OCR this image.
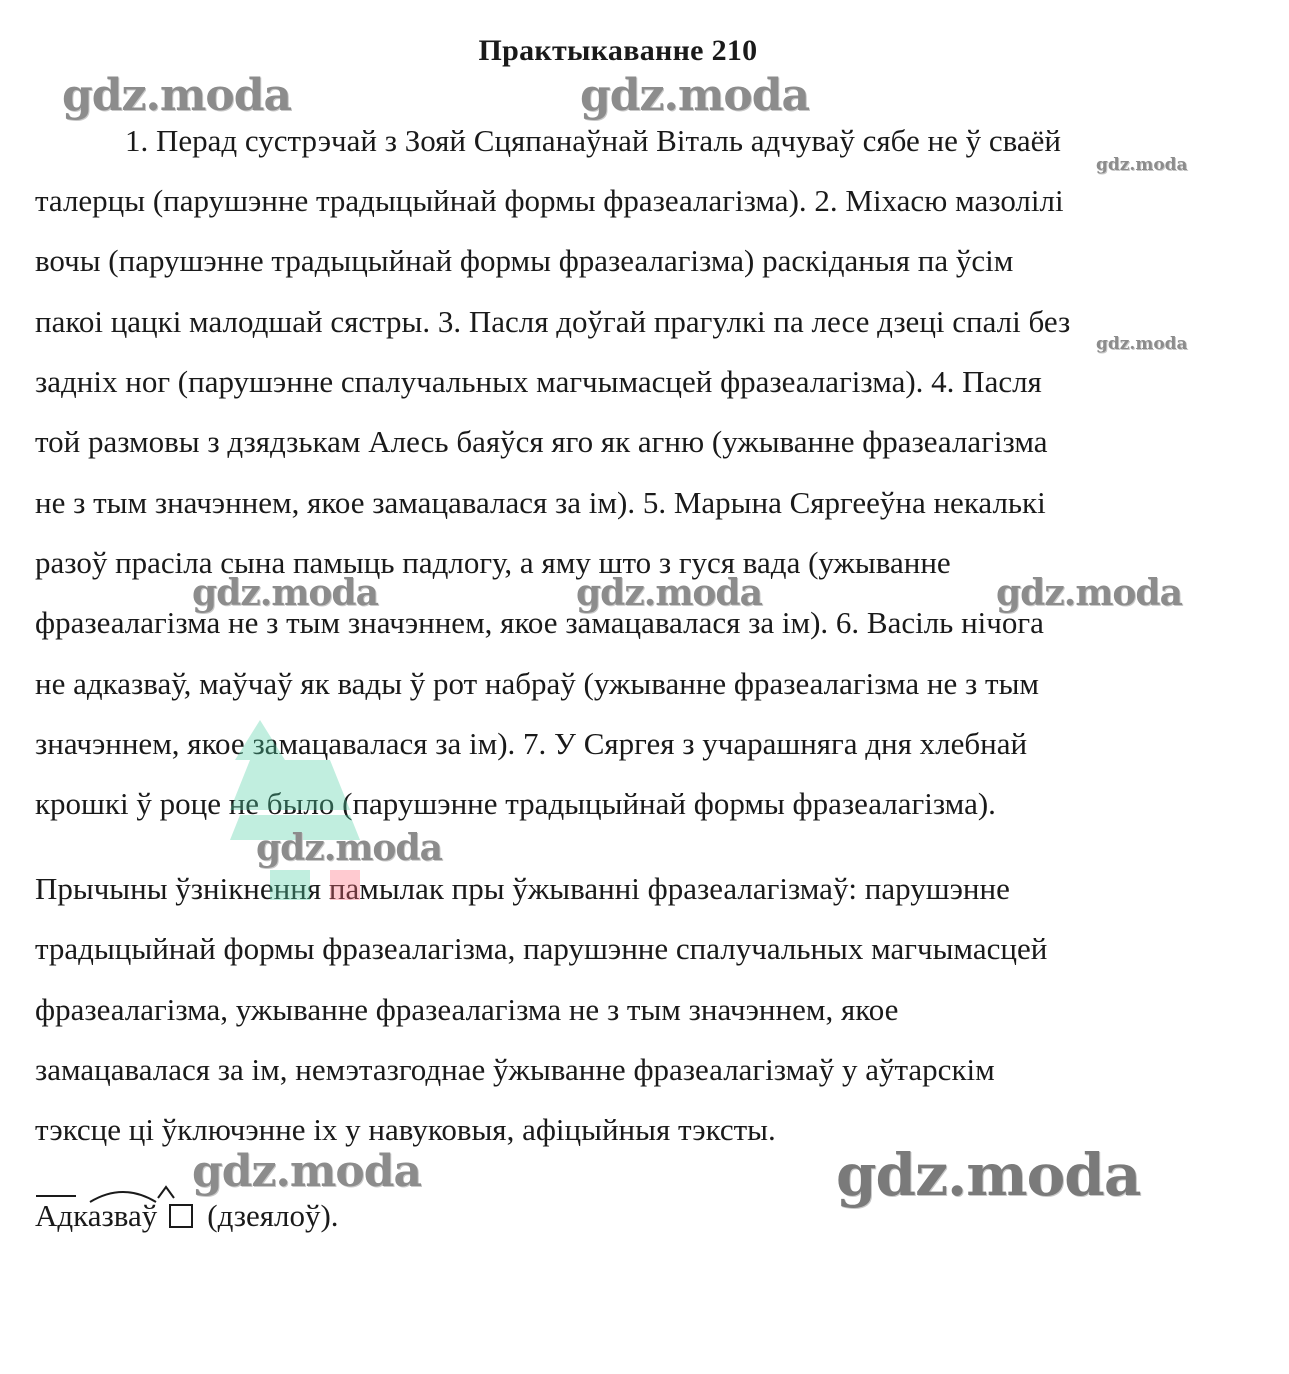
Практыкаванне 210
1. Перад сустрэчай з Зояй Сцяпанаўнай Віталь адчуваў сябе не ў сваёй
талерцы (парушэнне традыцыйнай формы фразеалагізма). 2. Міхасю мазолілі
вочы (парушэнне традыцыйнай формы фразеалагізма) раскіданыя па ўсім
пакоі цацкі малодшай сястры. 3. Пасля доўгай прагулкі па лесе дзеці спалі без
задніх ног (парушэнне спалучальных магчымасцей фразеалагізма). 4. Пасля
той размовы з дзядзькам Алесь баяўся яго як агню (ужыванне фразеалагізма
не з тым значэннем, якое замацавалася за ім). 5. Марына Сяргееўна некалькі
разоў прасіла сына памыць падлогу, а яму што з гуся вада (ужыванне
фразеалагізма не з тым значэннем, якое замацавалася за ім). 6. Васіль нічога
не адказваў, маўчаў як вады ў рот набраў (ужыванне фразеалагізма не з тым
значэннем, якое замацавалася за ім). 7. У Сяргея з учарашняга дня хлебнай
крошкі ў роце не было (парушэнне традыцыйнай формы фразеалагізма).
Прычыны ўзнікнення памылак пры ўжыванні фразеалагізмаў: парушэнне
традыцыйнай формы фразеалагізма, парушэнне спалучальных магчымасцей
фразеалагізма, ужыванне фразеалагізма не з тым значэннем, якое
замацавалася за ім, немэтазгоднае ўжыванне фразеалагізмаў у аўтарскім
тэксце ці ўключэнне іх у навуковыя, афіцыйныя тэксты.
gdz.moda	gdz.moda
gdz.moda
gdz.moda
gdz.moda	gdz.moda	gdz.moda
gdz.moda
gdz.moda	gdz.moda
Адказваў (дзеялоў).
